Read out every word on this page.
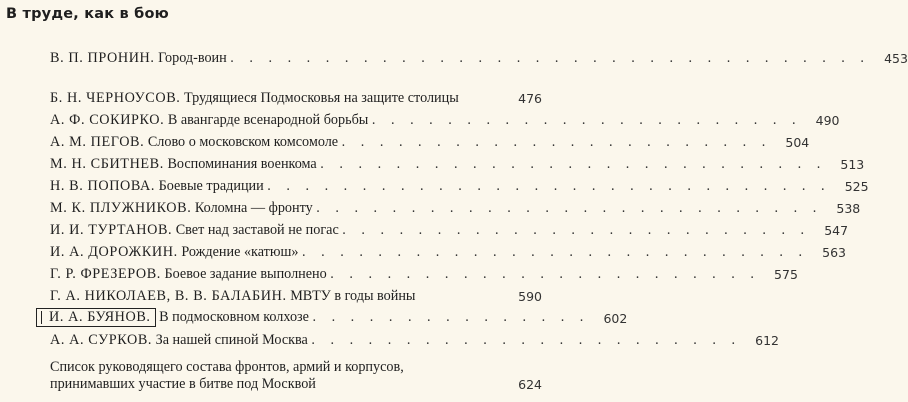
В труде, как в бою
В. П. ПРОНИН. Город-воин . . . . . . . . . . . . . . . . . . . . . . . . . . . . . . . . . .	453
Б. Н. ЧЕРНОУСОВ. Трудящиеся Подмосковья на защите столицы	476
А. Ф. СОКИРКО. В авангарде всенародной борьбы . . . . . . . . . . . . . . . . . . . . . . .	490
А. М. ПЕГОВ. Слово о московском комсомоле . . . . . . . . . . . . . . . . . . . . . . .	504
М. Н. СБИТНЕВ. Воспоминания военкома . . . . . . . . . . . . . . . . . . . . . . . . . . .	513
Н. В. ПОПОВА. Боевые традиции . . . . . . . . . . . . . . . . . . . . . . . . . . . . . .	525
М. К. ПЛУЖНИКОВ. Коломна — фронту . . . . . . . . . . . . . . . . . . . . . . . . . . .	538
И. И. ТУРТАНОВ. Свет над заставой не погас . . . . . . . . . . . . . . . . . . . . . . . . .	547
И. А. ДОРОЖКИН. Рождение «катюш» . . . . . . . . . . . . . . . . . . . . . . . . . . .	563
Г. Р. ФРЕЗЕРОВ. Боевое задание выполнено . . . . . . . . . . . . . . . . . . . . . . .	575
Г. А. НИКОЛАЕВ, В. В. БАЛАБИН. МВТУ в годы войны	590
И. А. БУЯНОВ. В подмосковном колхозе . . . . . . . . . . . . . . .	602
А. А. СУРКОВ. За нашей спиной Москва . . . . . . . . . . . . . . . . . . . . . . .	612
Список руководящего состава фронтов, армий и корпусов, принимавших участие в битве под Москвой	624
